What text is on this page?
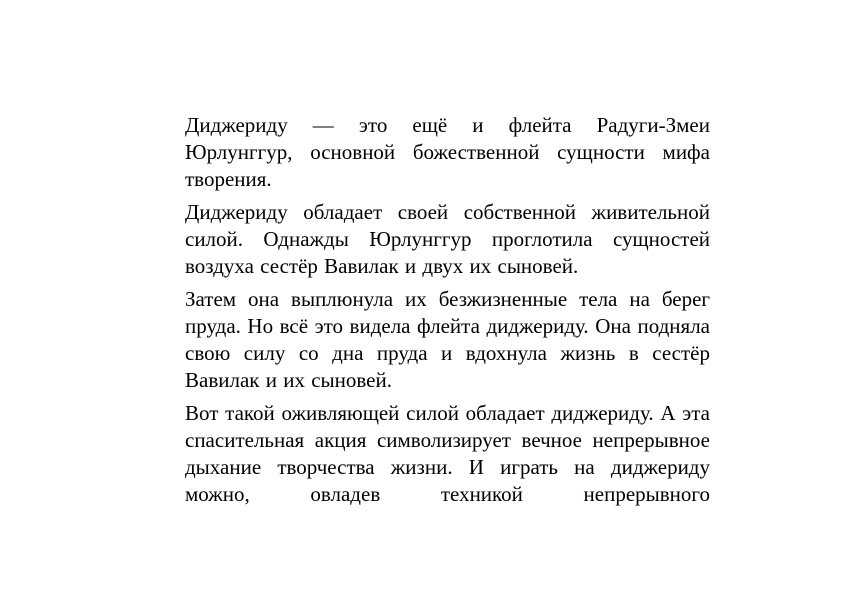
Диджериду — это ещё и флейта Радуги-Змеи Юрлунггур, основной божественной сущности мифа творения.

Диджериду обладает своей собственной живительной силой. Однажды Юрлунггур проглотила сущностей воздуха сестёр Вавилак и двух их сыновей.

Затем она выплюнула их безжизненные тела на берег пруда. Но всё это видела флейта диджериду. Она подняла свою силу со дна пруда и вдохнула жизнь в сестёр Вавилак и их сыновей.

Вот такой оживляющей силой обладает диджериду. А эта спасительная акция символизирует вечное непрерывное дыхание творчества жизни. И играть на диджериду можно, овладев техникой непрерывного
